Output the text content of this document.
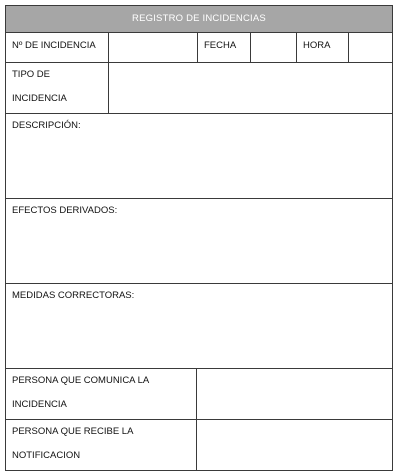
REGISTRO DE INCIDENCIAS
Nº DE INCIDENCIA	FECHA	HORA
TIPO DE
INCIDENCIA
DESCRIPCIÓN:
EFECTOS DERIVADOS:
MEDIDAS CORRECTORAS:
PERSONA QUE COMUNICA LA
INCIDENCIA
PERSONA QUE RECIBE LA
NOTIFICACION
